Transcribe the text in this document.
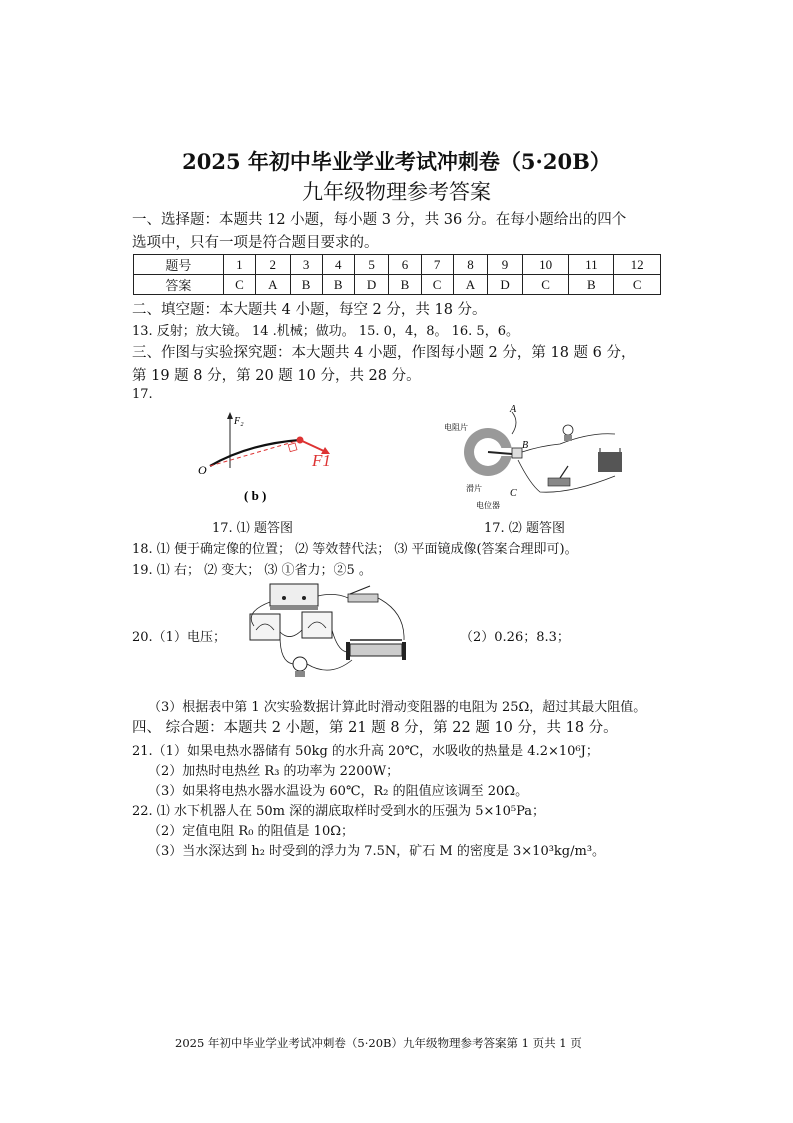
2025 年初中毕业学业考试冲刺卷（5·20B）
九年级物理参考答案
一、选择题：本题共 12 小题，每小题 3 分，共 36 分。在每小题给出的四个
选项中，只有一项是符合题目要求的。
题号	1	2	3	4	5	6	7	8	9	10	11	12
答案	C	A	B	B	D	B	C	A	D	C	B	C
二、填空题：本大题共 4 小题，每空 2 分，共 18 分。
13. 反射；放大镜。 14 .机械；做功。 15. 0，4，8。 16. 5，6。
三、作图与实验探究题：本大题共 4 小题，作图每小题 2 分，第 18 题 6 分，
第 19 题 8 分，第 20 题 10 分，共 28 分。
17.
F₂
F1
O
( b )
电阻片
滑片
电位器
A
B
C
17. ⑴ 题答图	17. ⑵ 题答图
18. ⑴ 便于确定像的位置； ⑵ 等效替代法； ⑶ 平面镜成像(答案合理即可)。
19. ⑴ 右； ⑵ 变大； ⑶ ①省力；②5 。
20.（1）电压；	（2）0.26；8.3；
（3）根据表中第 1 次实验数据计算此时滑动变阻器的电阻为 25Ω，超过其最大阻值。
四、 综合题：本题共 2 小题，第 21 题 8 分，第 22 题 10 分，共 18 分。
21.（1）如果电热水器储有 50kg 的水升高 20℃，水吸收的热量是 4.2×10⁶J；
（2）加热时电热丝 R₃ 的功率为 2200W；
（3）如果将电热水器水温设为 60℃，R₂ 的阻值应该调至 20Ω。
22. ⑴ 水下机器人在 50m 深的湖底取样时受到水的压强为 5×10⁵Pa；
（2）定值电阻 R₀ 的阻值是 10Ω；
（3）当水深达到 h₂ 时受到的浮力为 7.5N，矿石 M 的密度是 3×10³kg/m³。
2025 年初中毕业学业考试冲刺卷（5·20B）九年级物理参考答案第 1 页共 1 页
